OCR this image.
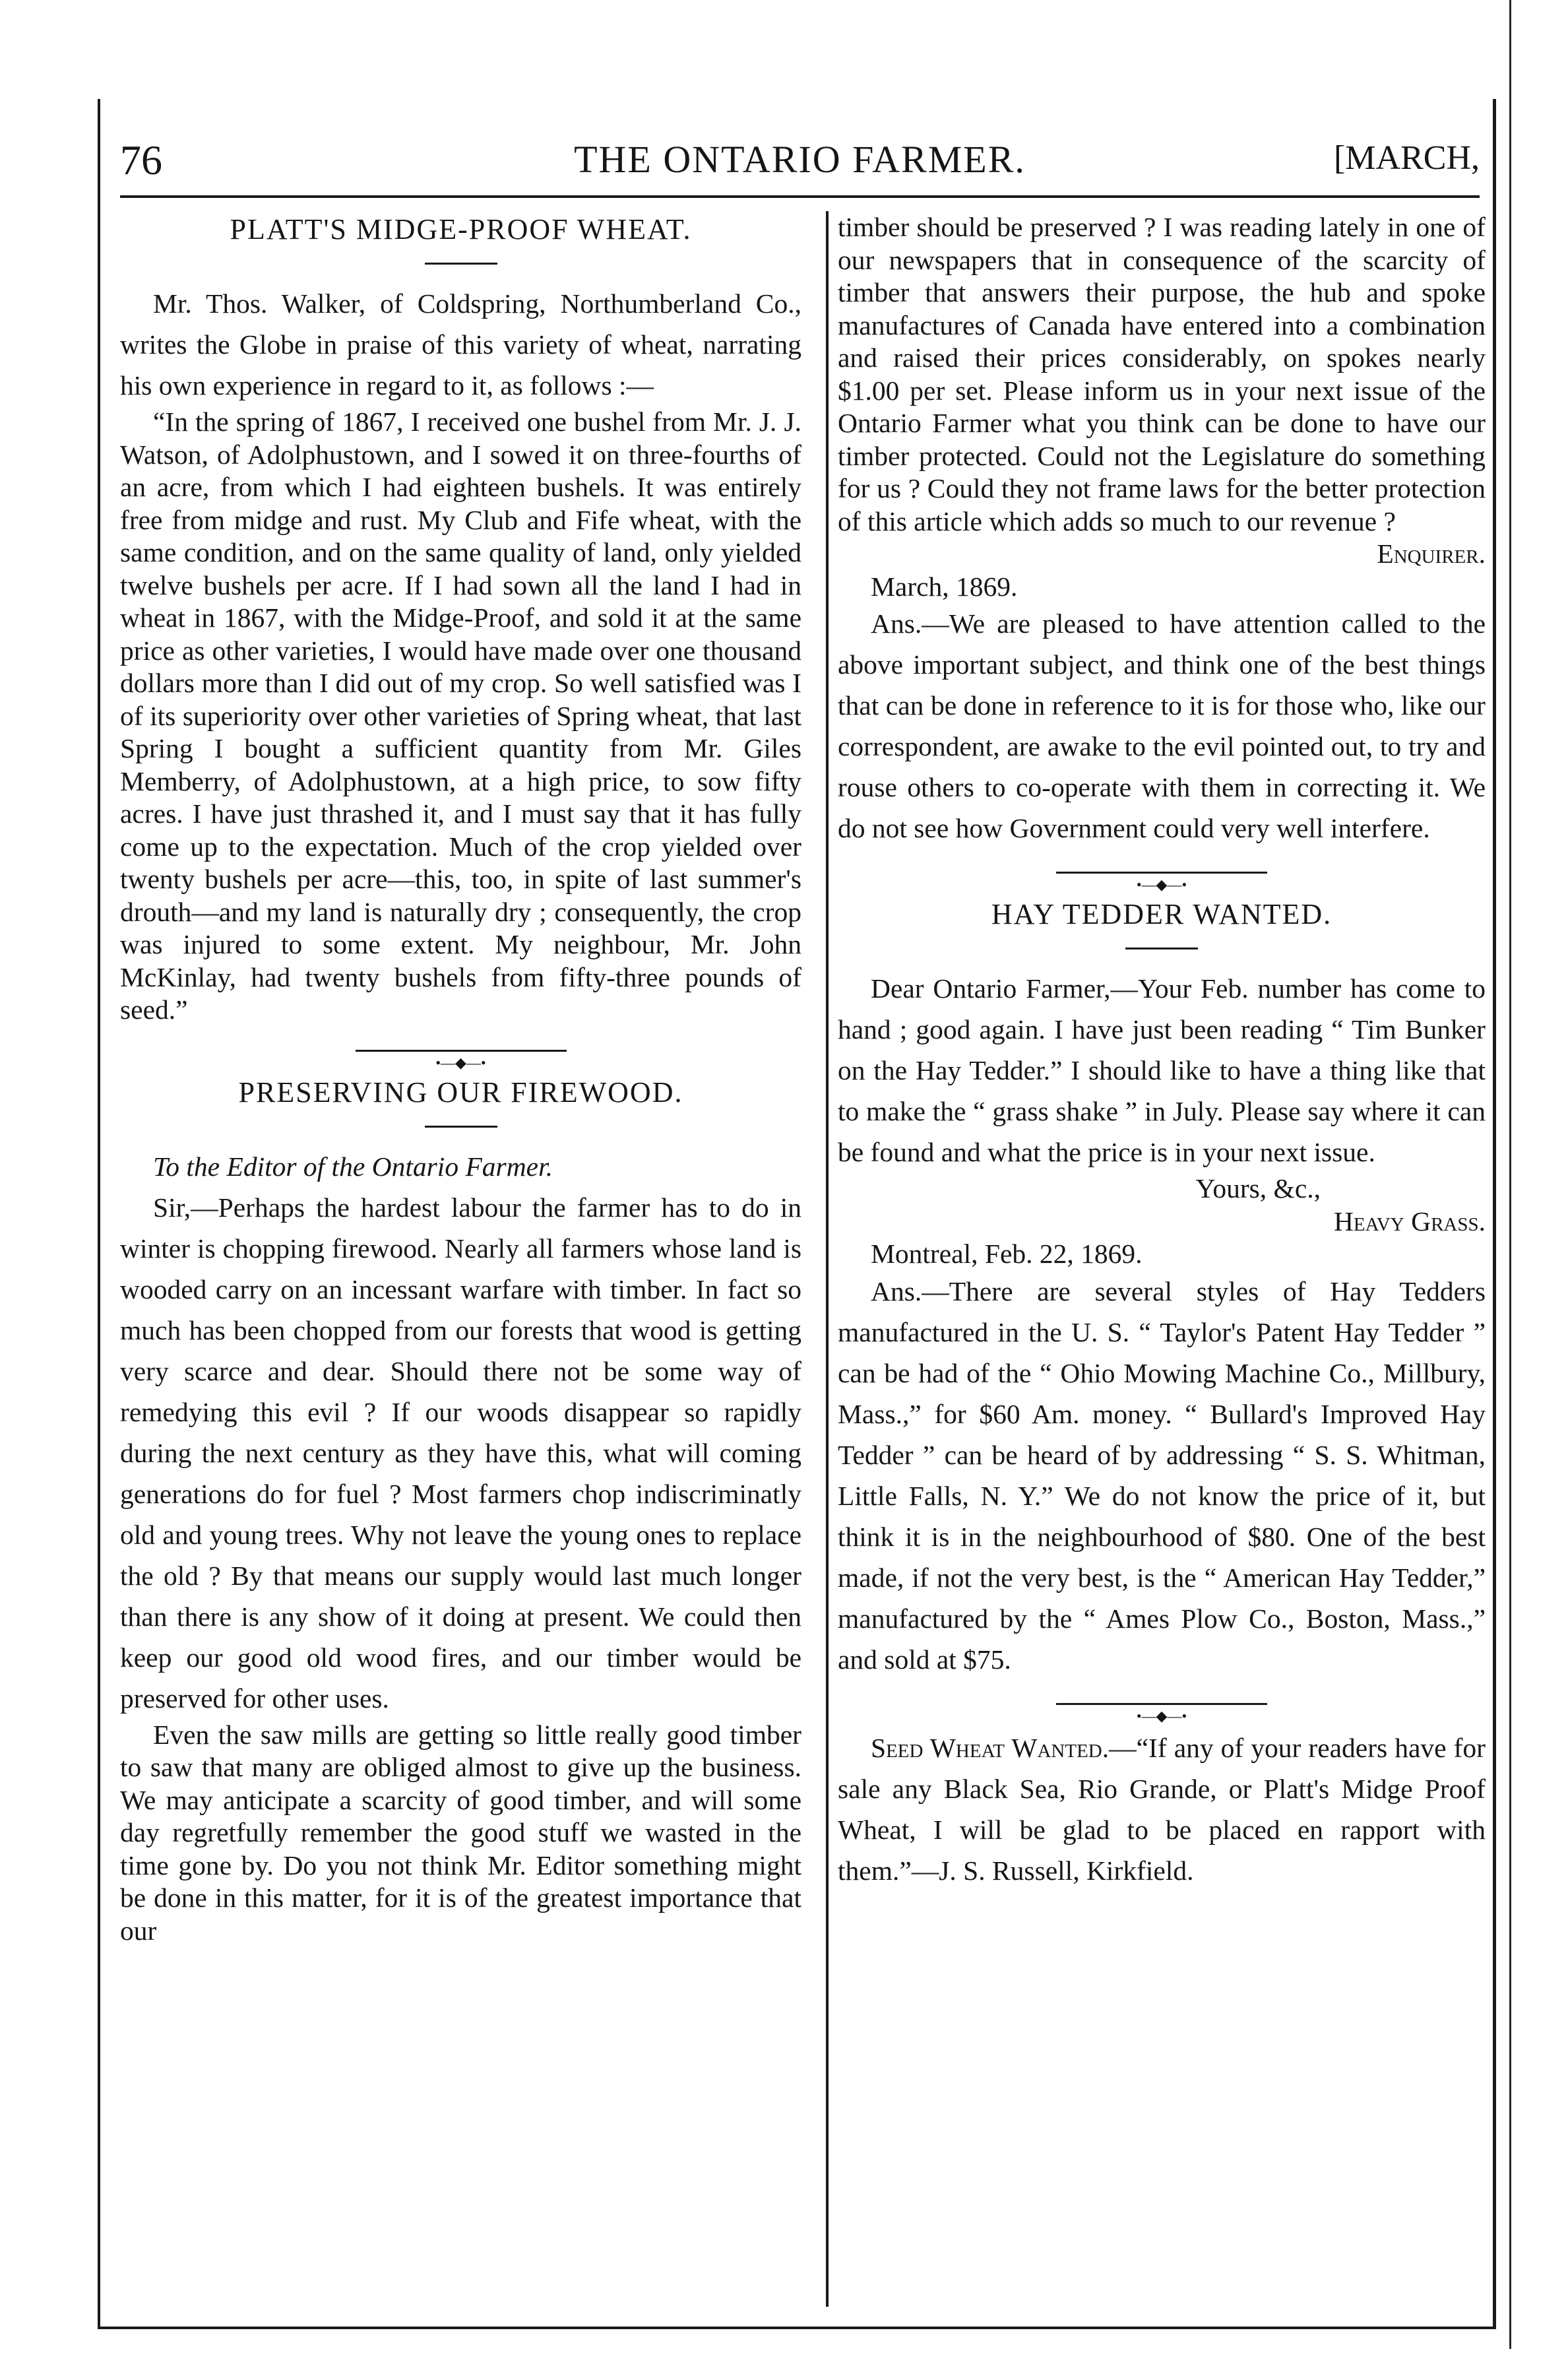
76	THE ONTARIO FARMER.	[MARCH,
PLATT'S MIDGE-PROOF WHEAT.

Mr. Thos. Walker, of Coldspring, Northumberland Co., writes the Globe in praise of this variety of wheat, narrating his own experience in regard to it, as follows :—

“In the spring of 1867, I received one bushel from Mr. J. J. Watson, of Adolphustown, and I sowed it on three-fourths of an acre, from which I had eighteen bushels. It was entirely free from midge and rust. My Club and Fife wheat, with the same condition, and on the same quality of land, only yielded twelve bushels per acre. If I had sown all the land I had in wheat in 1867, with the Midge-Proof, and sold it at the same price as other varieties, I would have made over one thousand dollars more than I did out of my crop. So well satisfied was I of its superiority over other varieties of Spring wheat, that last Spring I bought a sufficient quantity from Mr. Giles Memberry, of Adolphustown, at a high price, to sow fifty acres. I have just thrashed it, and I must say that it has fully come up to the expectation. Much of the crop yielded over twenty bushels per acre—this, too, in spite of last summer's drouth—and my land is naturally dry ; consequently, the crop was injured to some extent. My neighbour, Mr. John McKinlay, had twenty bushels from fifty-three pounds of seed.”

•—◆—•
PRESERVING OUR FIREWOOD.

To the Editor of the Ontario Farmer.

Sir,—Perhaps the hardest labour the farmer has to do in winter is chopping firewood. Nearly all farmers whose land is wooded carry on an incessant warfare with timber. In fact so much has been chopped from our forests that wood is getting very scarce and dear. Should there not be some way of remedying this evil ? If our woods disappear so rapidly during the next century as they have this, what will coming generations do for fuel ? Most farmers chop indiscriminatly old and young trees. Why not leave the young ones to replace the old ? By that means our supply would last much longer than there is any show of it doing at present. We could then keep our good old wood fires, and our timber would be preserved for other uses.

Even the saw mills are getting so little really good timber to saw that many are obliged almost to give up the business. We may anticipate a scarcity of good timber, and will some day regretfully remember the good stuff we wasted in the time gone by. Do you not think Mr. Editor something might be done in this matter, for it is of the greatest importance that our

timber should be preserved ? I was reading lately in one of our newspapers that in consequence of the scarcity of timber that answers their purpose, the hub and spoke manufactures of Canada have entered into a combination and raised their prices considerably, on spokes nearly $1.00 per set. Please inform us in your next issue of the Ontario Farmer what you think can be done to have our timber protected. Could not the Legislature do something for us ? Could they not frame laws for the better protection of this article which adds so much to our revenue ?

Enquirer.

March, 1869.

Ans.—We are pleased to have attention called to the above important subject, and think one of the best things that can be done in reference to it is for those who, like our correspondent, are awake to the evil pointed out, to try and rouse others to co-operate with them in correcting it. We do not see how Government could very well interfere.

•—◆—•
HAY TEDDER WANTED.

Dear Ontario Farmer,—Your Feb. number has come to hand ; good again. I have just been reading “ Tim Bunker on the Hay Tedder.” I should like to have a thing like that to make the “ grass shake ” in July. Please say where it can be found and what the price is in your next issue.

Yours, &c.,
Heavy Grass.

Montreal, Feb. 22, 1869.

Ans.—There are several styles of Hay Tedders manufactured in the U. S. “ Taylor's Patent Hay Tedder ” can be had of the “ Ohio Mowing Machine Co., Millbury, Mass.,” for $60 Am. money. “ Bullard's Improved Hay Tedder ” can be heard of by addressing “ S. S. Whitman, Little Falls, N. Y.” We do not know the price of it, but think it is in the neighbourhood of $80. One of the best made, if not the very best, is the “ American Hay Tedder,” manufactured by the “ Ames Plow Co., Boston, Mass.,” and sold at $75.

•—◆—•

Seed Wheat Wanted.—“If any of your readers have for sale any Black Sea, Rio Grande, or Platt's Midge Proof Wheat, I will be glad to be placed en rapport with them.”—J. S. Russell, Kirkfield.
